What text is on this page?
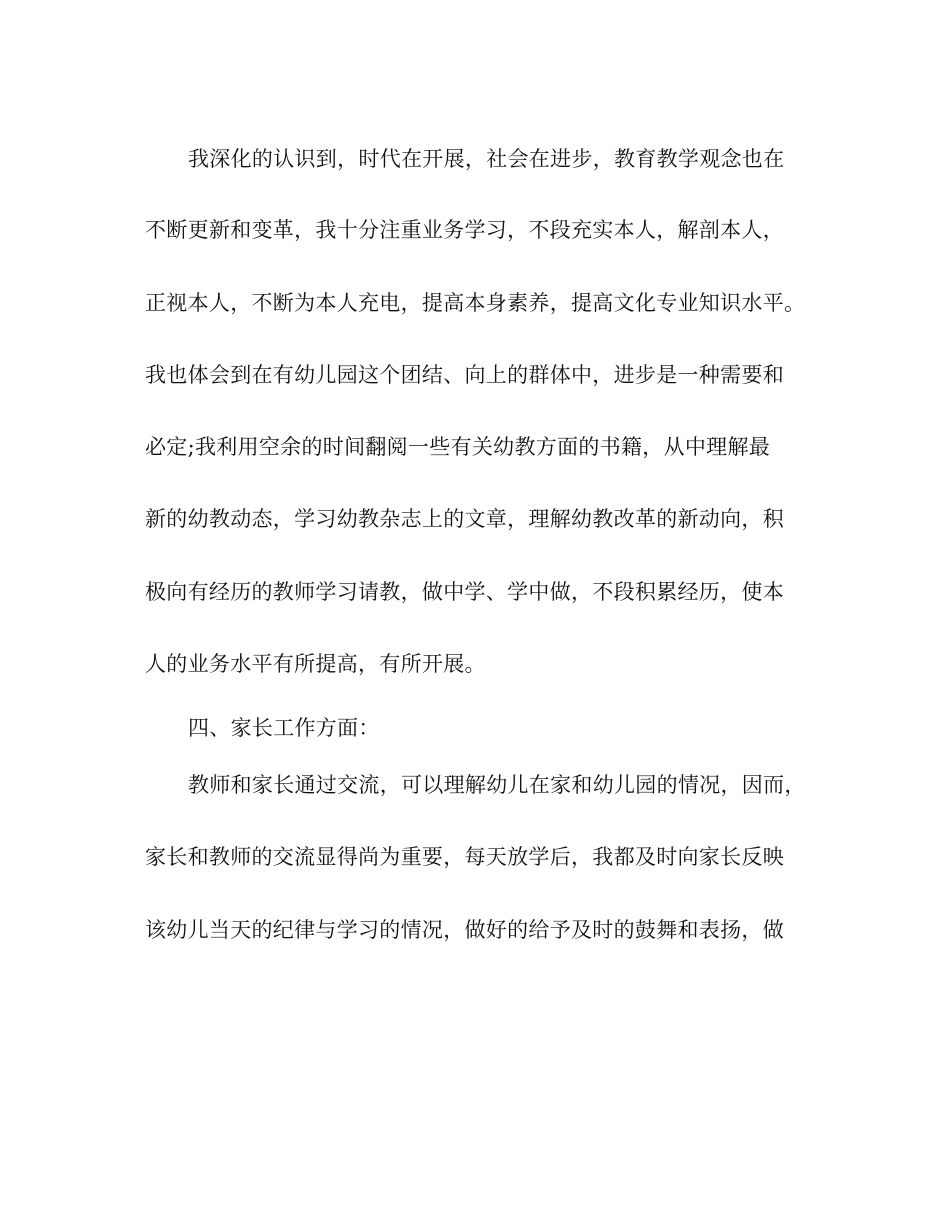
我深化的认识到，时代在开展，社会在进步，教育教学观念也在
不断更新和变革，我十分注重业务学习，不段充实本人，解剖本人，
正视本人，不断为本人充电，提高本身素养，提高文化专业知识水平。
我也体会到在有幼儿园这个团结、向上的群体中，进步是一种需要和
必定;我利用空余的时间翻阅一些有关幼教方面的书籍，从中理解最
新的幼教动态，学习幼教杂志上的文章，理解幼教改革的新动向，积
极向有经历的教师学习请教，做中学、学中做，不段积累经历，使本
人的业务水平有所提高，有所开展。
四、家长工作方面：
教师和家长通过交流，可以理解幼儿在家和幼儿园的情况，因而，
家长和教师的交流显得尚为重要，每天放学后，我都及时向家长反映
该幼儿当天的纪律与学习的情况，做好的给予及时的鼓舞和表扬，做
